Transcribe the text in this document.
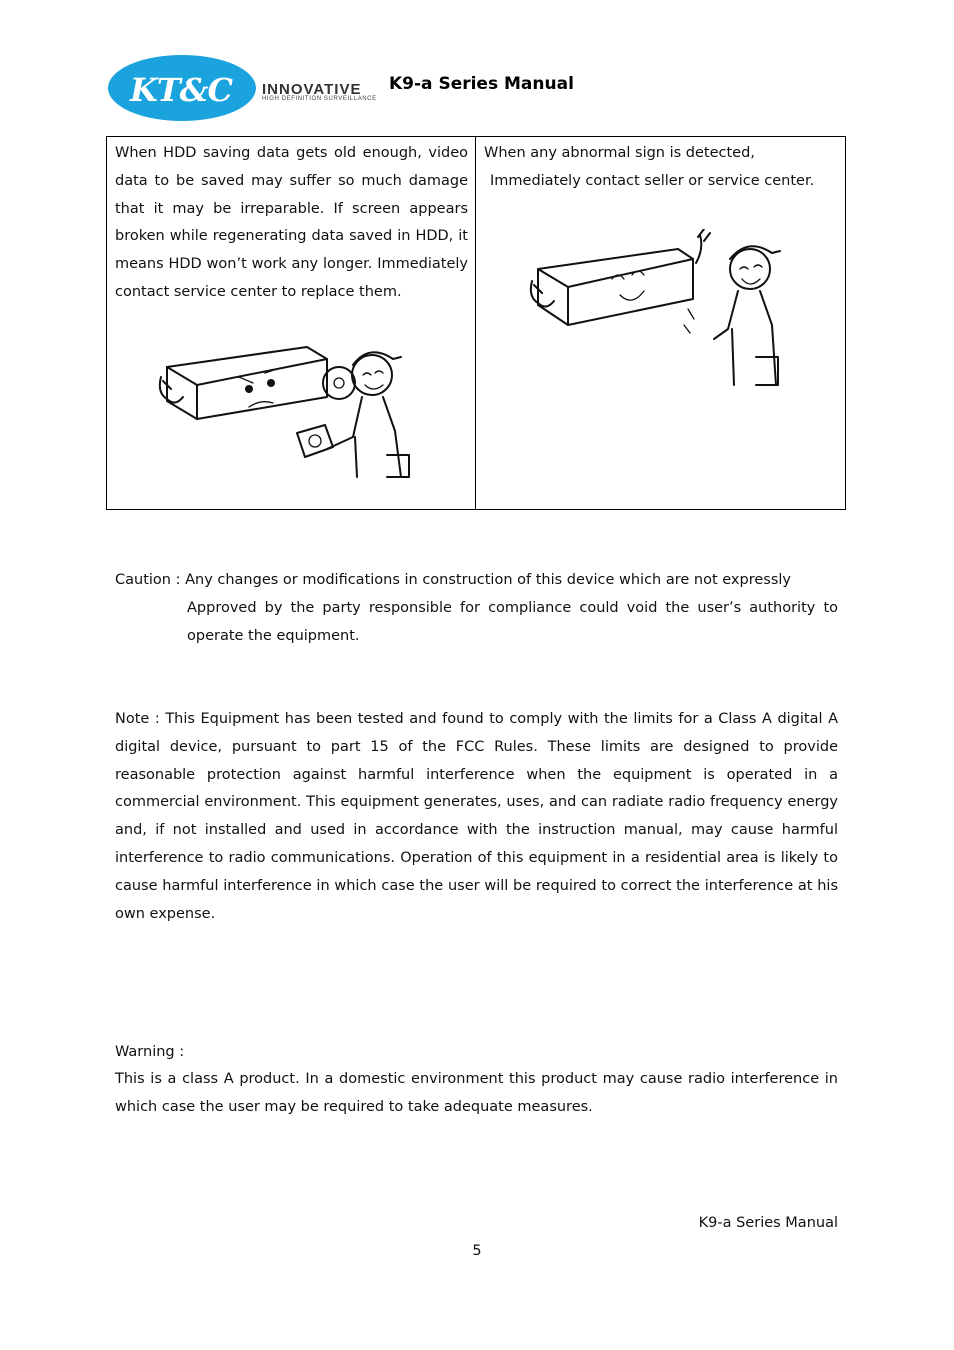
KT&C INNOVATIVE
HIGH DEFINITION SURVEILLANCE
K9-a Series Manual
When HDD saving data gets old enough, video data to be saved may suffer so much damage that it may be irreparable. If screen appears broken while regenerating data saved in HDD, it means HDD won’t work any longer. Immediately contact service center to replace them.
When any abnormal sign is detected,
Immediately contact seller or service center.
Caution : Any changes or modifications in construction of this device which are not expressly
Approved by the party responsible for compliance could void the user’s authority to operate the equipment.
Note : This Equipment has been tested and found to comply with the limits for a Class A digital A digital device, pursuant to part 15 of the FCC Rules. These limits are designed to provide reasonable protection against harmful interference when the equipment is operated in a commercial environment. This equipment generates, uses, and can radiate radio frequency energy and, if not installed and used in accordance with the instruction manual, may cause harmful interference to radio communications. Operation of this equipment in a residential area is likely to cause harmful interference in which case the user will be required to correct the interference at his own expense.
Warning :
This is a class A product. In a domestic environment this product may cause radio interference in which case the user may be required to take adequate measures.
K9-a Series Manual
5
